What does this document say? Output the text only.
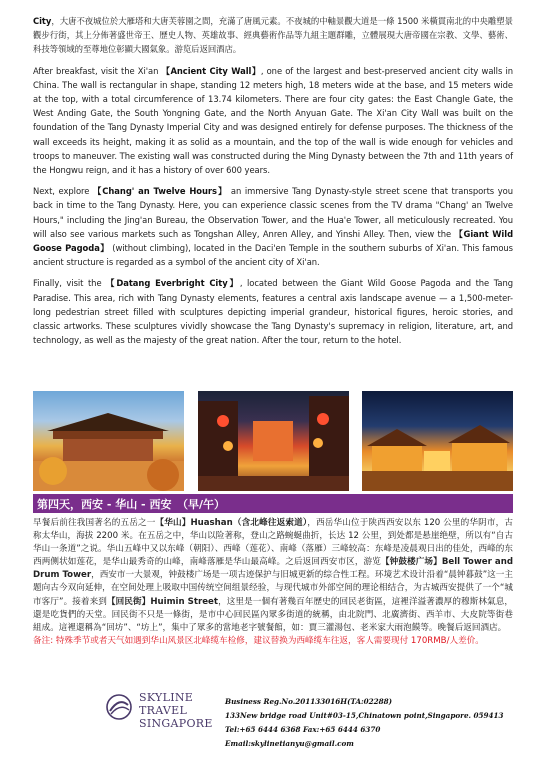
City，大唐不夜城位於大雁塔和大唐芙蓉園之間，充滿了唐風元素。不夜城的中軸景觀大道是一條 1500 米橫貫南北的中央雕塑景觀步行街，其上分佈著盛世帝王、歷史人物、英雄故事、經典藝術作品等九組主題群雕，立體展現大唐帝國在宗教、文學、藝術、科技等領域的至尊地位彰顯大國氣象。游览后返回酒店。

After breakfast, visit the Xi'an 【Ancient City Wall】, one of the largest and best-preserved ancient city walls in China. The wall is rectangular in shape, standing 12 meters high, 18 meters wide at the base, and 15 meters wide at the top, with a total circumference of 13.74 kilometers. There are four city gates: the East Changle Gate, the West Anding Gate, the South Yongning Gate, and the North Anyuan Gate. The Xi'an City Wall was built on the foundation of the Tang Dynasty Imperial City and was designed entirely for defense purposes. The thickness of the wall exceeds its height, making it as solid as a mountain, and the top of the wall is wide enough for vehicles and troops to maneuver. The existing wall was constructed during the Ming Dynasty between the 7th and 11th years of the Hongwu reign, and it has a history of over 600 years.

Next, explore 【Chang' an Twelve Hours】 an immersive Tang Dynasty-style street scene that transports you back in time to the Tang Dynasty. Here, you can experience classic scenes from the TV drama "Chang' an Twelve Hours," including the Jing'an Bureau, the Observation Tower, and the Hua'e Tower, all meticulously recreated. You will also see various markets such as Tongshan Alley, Anren Alley, and Yinshi Alley. Then, view the 【Giant Wild Goose Pagoda】 (without climbing), located in the Daci'en Temple in the southern suburbs of Xi'an. This famous ancient structure is regarded as a symbol of the ancient city of Xi'an.

Finally, visit the 【Datang Everbright City】, located between the Giant Wild Goose Pagoda and the Tang Paradise. This area, rich with Tang Dynasty elements, features a central axis landscape avenue — a 1,500-meter-long pedestrian street filled with sculptures depicting imperial grandeur, historical figures, heroic stories, and classic artworks. These sculptures vividly showcase the Tang Dynasty's supremacy in religion, literature, art, and technology, as well as the majesty of the great nation. After the tour, return to the hotel.

第四天，西安 - 华山 - 西安　（早/午）

早餐后前往我国著名的五岳之一【华山】Huashan（含北峰往返索道），西岳华山位于陕西西安以东 120 公里的华阴市，古称太华山，海拔 2200 米。在五岳之中，华山以险著称，登山之路蜿蜒曲折，长达 12 公里，到处都是悬崖绝壁，所以有“自古华山一条道”之说。华山五峰中又以东峰（朝阳）、西峰（莲花）、南峰（落雁）三峰较高：东峰是凌晨观日出的佳处，西峰的东西两侧状如莲花，是华山最秀奇的山峰，南峰落雁是华山最高峰。之后返回西安市区，游览【钟鼓楼广场】Bell Tower and Drum Tower，西安市一大景观，钟鼓楼广场是一项古迹保护与旧城更新的综合性工程。环境艺术设计沿着“晨钟暮鼓”这一主题向古今双向延伸，在空间处理上吸取中国传统空间组景经验，与现代城市外部空间的理论相结合，为古城西安提供了一个“城市客厅”。接着来到【回民街】Huimin Street，这里是一個有著幾百年歷史的回民老街區，這裡洋溢著濃厚的穆斯林氣息，還是吃貨們的天堂。回民街不只是一條街，是市中心回民區內眾多街道的統稱，由北院門、北廣濟街、西羊市、大皮院等街巷組成。這裡還稱為“回坊”、“坊上”，集中了眾多的當地老字號餐館，如：賈三灌湯包、老米家大雨泡饃等。晚餐后返回酒店。

备注: 特殊季节或者天气如遇到华山风景区北峰缆车检修，建议替换为西峰缆车往返，客人需要现付 170RMB/人差价。

SKYLINE
TRAVEL
SINGAPORE
Business Reg.No.201133016H(TA:02288)
133New bridge road Unit#03-15,Chinatown point,Singapore. 059413
Tel:+65 6444 6368 Fax:+65 6444 6370
Email:skylinetianyu@gmail.com
